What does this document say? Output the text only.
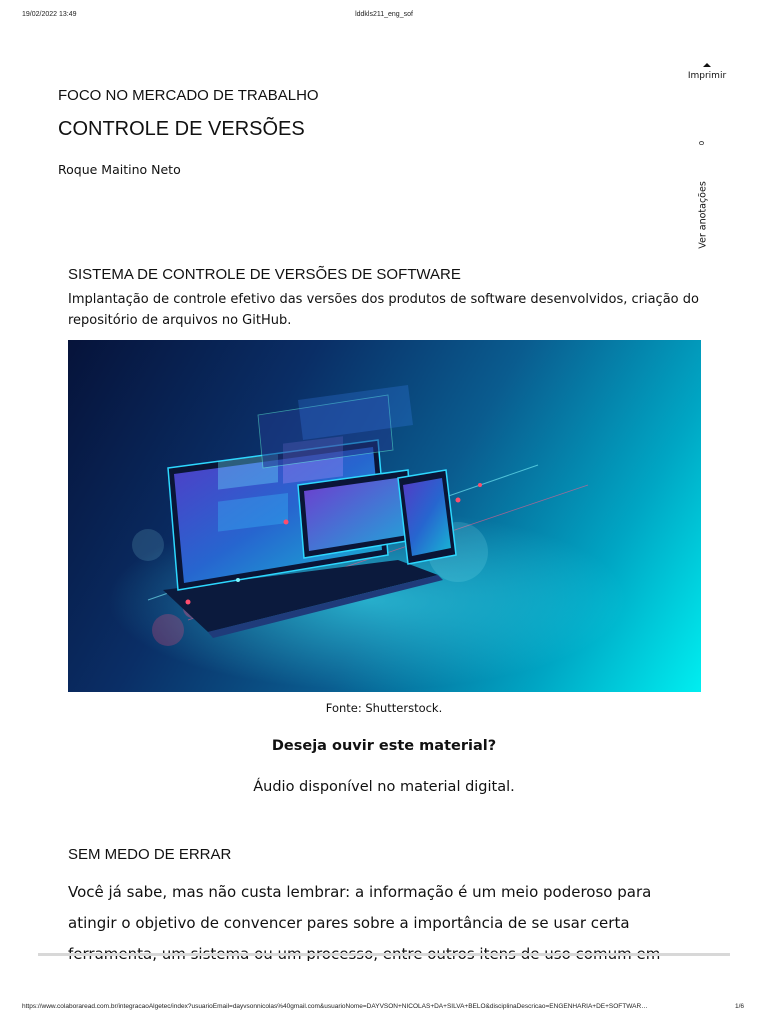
19/02/2022 13:49	lddkls211_eng_sof
FOCO NO MERCADO DE TRABALHO
CONTROLE DE VERSÕES
Roque Maitino Neto
Imprimir
0
Ver anotações
SISTEMA DE CONTROLE DE VERSÕES DE SOFTWARE
Implantação de controle efetivo das versões dos produtos de software desenvolvidos, criação do repositório de arquivos no GitHub.
Fonte: Shutterstock.
Deseja ouvir este material?
Áudio disponível no material digital.
SEM MEDO DE ERRAR
Você já sabe, mas não custa lembrar: a informação é um meio poderoso para atingir o objetivo de convencer pares sobre a importância de se usar certa
https://www.colaboraread.com.br/integracaoAlgetec/index?usuarioEmail=dayvsonnicolas%40gmail.com&usuarioNome=DAYVSON+NICOLAS+DA+SILVA+BELO&disciplinaDescricao=ENGENHARIA+DE+SOFTWAR…	1/6
